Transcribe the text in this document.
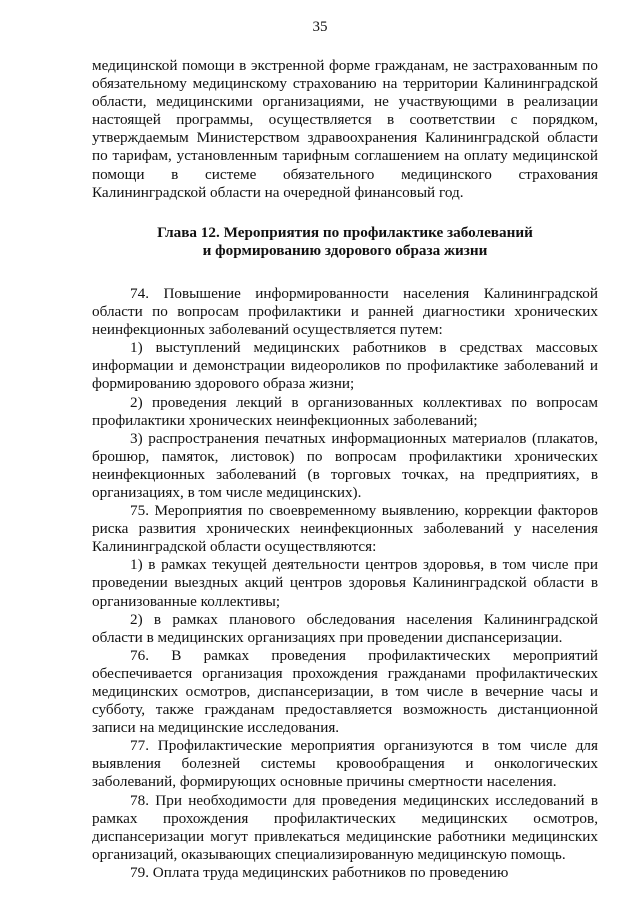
35

медицинской помощи в экстренной форме гражданам, не застрахованным по обязательному медицинскому страхованию на территории Калининградской области, медицинскими организациями, не участвующими в реализации настоящей программы, осуществляется в соответствии с порядком, утверждаемым Министерством здравоохранения Калининградской области по тарифам, установленным тарифным соглашением на оплату медицинской помощи в системе обязательного медицинского страхования Калининградской области на очередной финансовый год.

Глава 12. Мероприятия по профилактике заболеваний
и формированию здорового образа жизни

74. Повышение информированности населения Калининградской области по вопросам профилактики и ранней диагностики хронических неинфекционных заболеваний осуществляется путем:

1) выступлений медицинских работников в средствах массовых информации и демонстрации видеороликов по профилактике заболеваний и формированию здорового образа жизни;

2) проведения лекций в организованных коллективах по вопросам профилактики хронических неинфекционных заболеваний;

3) распространения печатных информационных материалов (плакатов, брошюр, памяток, листовок) по вопросам профилактики хронических неинфекционных заболеваний (в торговых точках, на предприятиях, в организациях, в том числе медицинских).

75. Мероприятия по своевременному выявлению, коррекции факторов риска развития хронических неинфекционных заболеваний у населения Калининградской области осуществляются:

1) в рамках текущей деятельности центров здоровья, в том числе при проведении выездных акций центров здоровья Калининградской области в организованные коллективы;

2) в рамках планового обследования населения Калининградской области в медицинских организациях при проведении диспансеризации.

76. В рамках проведения профилактических мероприятий обеспечивается организация прохождения гражданами профилактических медицинских осмотров, диспансеризации, в том числе в вечерние часы и субботу, также гражданам предоставляется возможность дистанционной записи на медицинские исследования.

77. Профилактические мероприятия организуются в том числе для выявления болезней системы кровообращения и онкологических заболеваний, формирующих основные причины смертности населения.

78. При необходимости для проведения медицинских исследований в рамках прохождения профилактических медицинских осмотров, диспансеризации могут привлекаться медицинские работники медицинских организаций, оказывающих специализированную медицинскую помощь.

79. Оплата труда медицинских работников по проведению
